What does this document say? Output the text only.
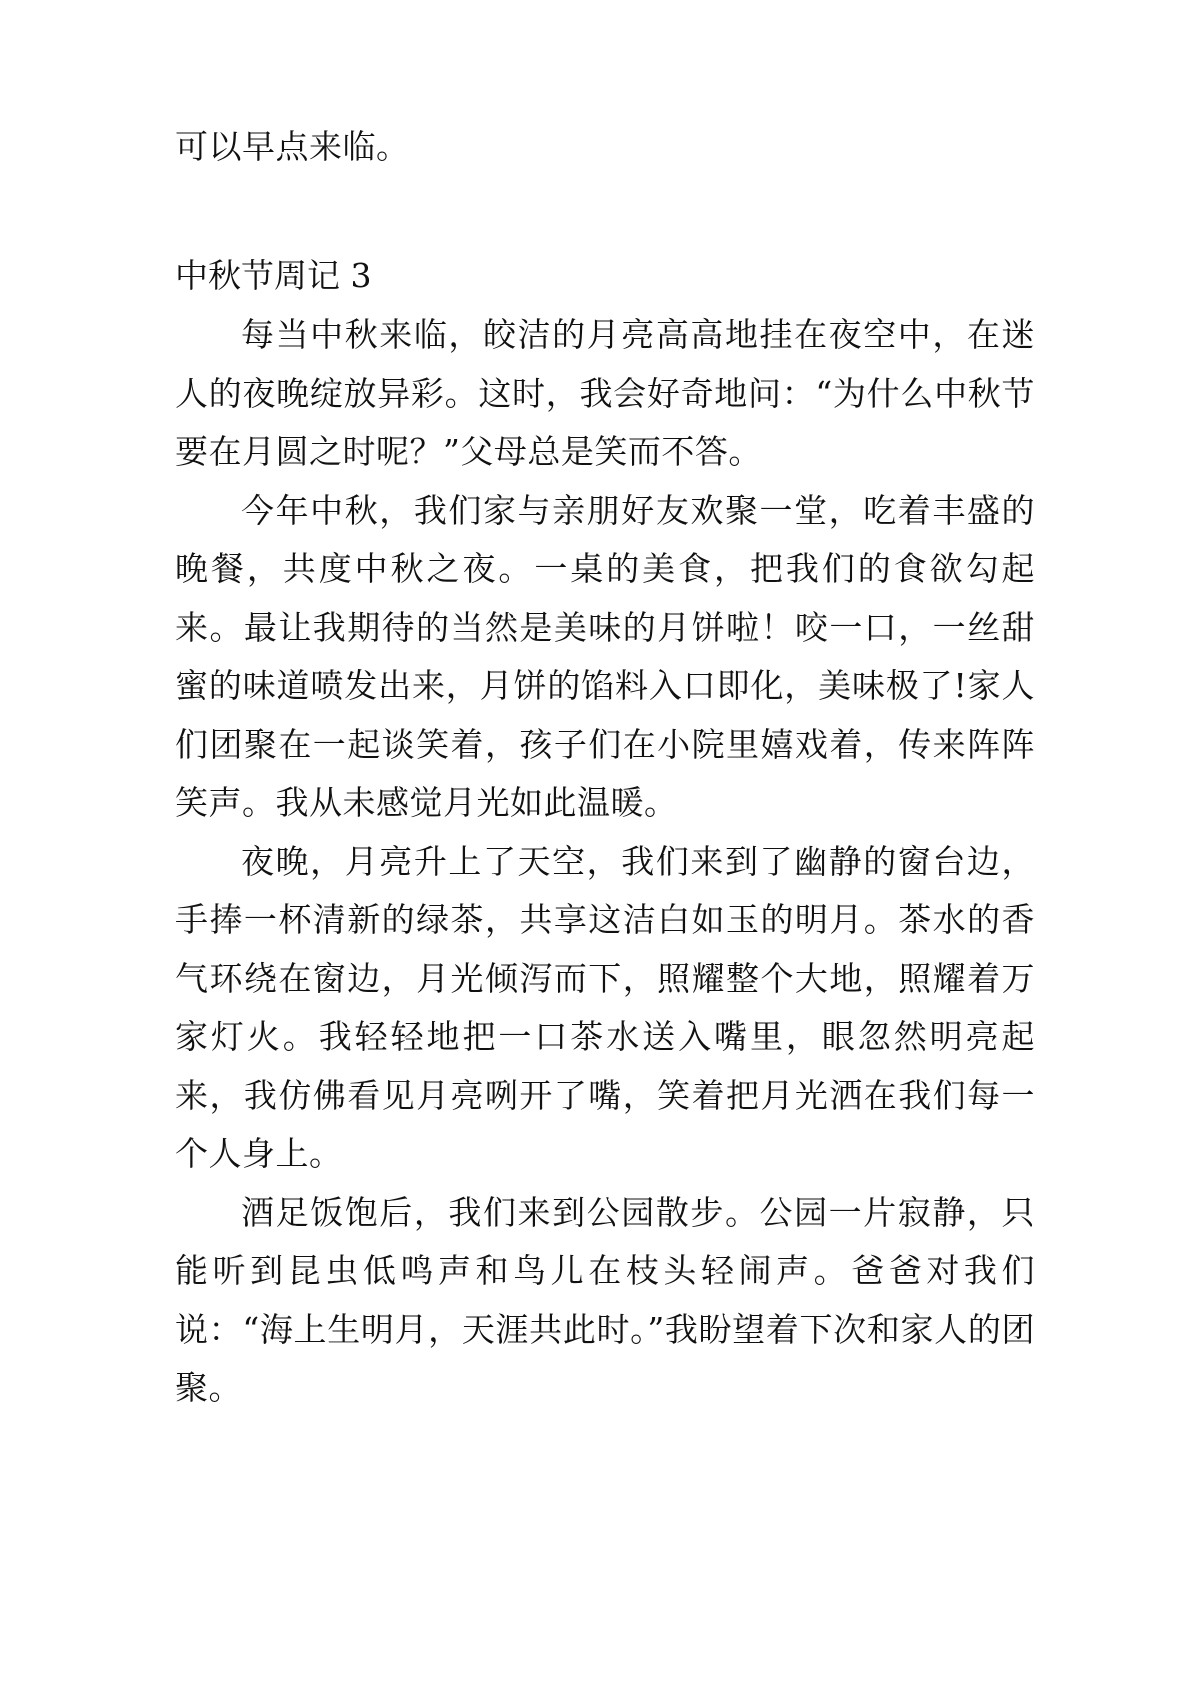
可以早点来临。

中秋节周记 3

每当中秋来临，皎洁的月亮高高地挂在夜空中，在迷人的夜晚绽放异彩。这时，我会好奇地问：“为什么中秋节要在月圆之时呢？”父母总是笑而不答。

今年中秋，我们家与亲朋好友欢聚一堂，吃着丰盛的晚餐，共度中秋之夜。一桌的美食，把我们的食欲勾起来。最让我期待的当然是美味的月饼啦！咬一口，一丝甜蜜的味道喷发出来，月饼的馅料入口即化，美味极了!家人们团聚在一起谈笑着，孩子们在小院里嬉戏着，传来阵阵笑声。我从未感觉月光如此温暖。

夜晚，月亮升上了天空，我们来到了幽静的窗台边，手捧一杯清新的绿茶，共享这洁白如玉的明月。茶水的香气环绕在窗边，月光倾泻而下，照耀整个大地，照耀着万家灯火。我轻轻地把一口茶水送入嘴里，眼忽然明亮起来，我仿佛看见月亮咧开了嘴，笑着把月光洒在我们每一个人身上。

酒足饭饱后，我们来到公园散步。公园一片寂静，只能听到昆虫低鸣声和鸟儿在枝头轻闹声。爸爸对我们说：“海上生明月，天涯共此时。”我盼望着下次和家人的团聚。
